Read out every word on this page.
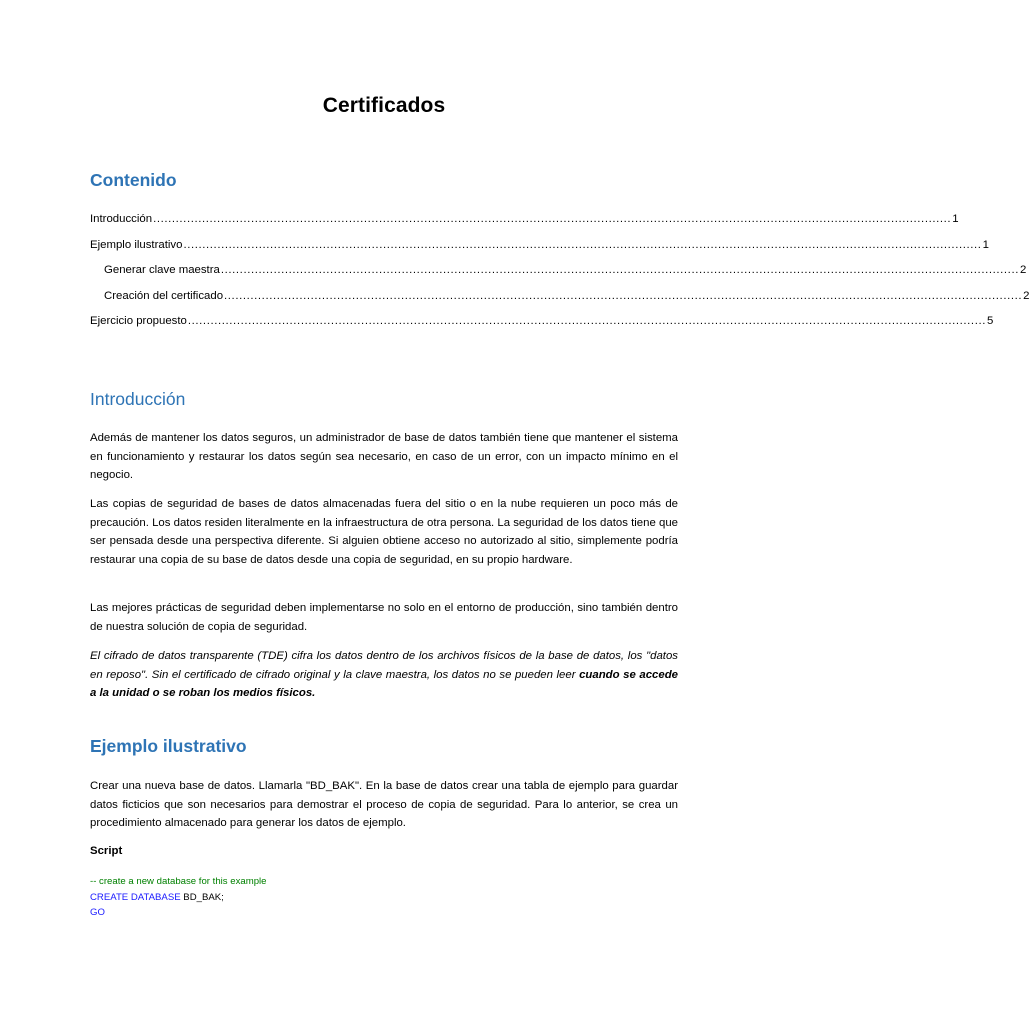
Certificados
Contenido
Introducción .................................................................................................................................................................................................................... 1
Ejemplo ilustrativo .................................................................................................................................................................................................................... 1
Generar clave maestra .................................................................................................................................................................................................................... 2
Creación del certificado .................................................................................................................................................................................................................... 2
Ejercicio propuesto .................................................................................................................................................................................................................... 5
Introducción

Además de mantener los datos seguros, un administrador de base de datos también tiene que mantener el sistema en funcionamiento y restaurar los datos según sea necesario, en caso de un error, con un impacto mínimo en el negocio.

Las copias de seguridad de bases de datos almacenadas fuera del sitio o en la nube requieren un poco más de precaución. Los datos residen literalmente en la infraestructura de otra persona. La seguridad de los datos tiene que ser pensada desde una perspectiva diferente. Si alguien obtiene acceso no autorizado al sitio, simplemente podría restaurar una copia de su base de datos desde una copia de seguridad, en su propio hardware.

Las mejores prácticas de seguridad deben implementarse no solo en el entorno de producción, sino también dentro de nuestra solución de copia de seguridad.

El cifrado de datos transparente (TDE) cifra los datos dentro de los archivos físicos de la base de datos, los "datos en reposo". Sin el certificado de cifrado original y la clave maestra, los datos no se pueden leer cuando se accede a la unidad o se roban los medios físicos.

Ejemplo ilustrativo

Crear una nueva base de datos. Llamarla "BD_BAK". En la base de datos crear una tabla de ejemplo para guardar datos ficticios que son necesarios para demostrar el proceso de copia de seguridad. Para lo anterior, se crea un procedimiento almacenado para generar los datos de ejemplo.

Script
-- create a new database for this example
CREATE DATABASE BD_BAK;
GO
